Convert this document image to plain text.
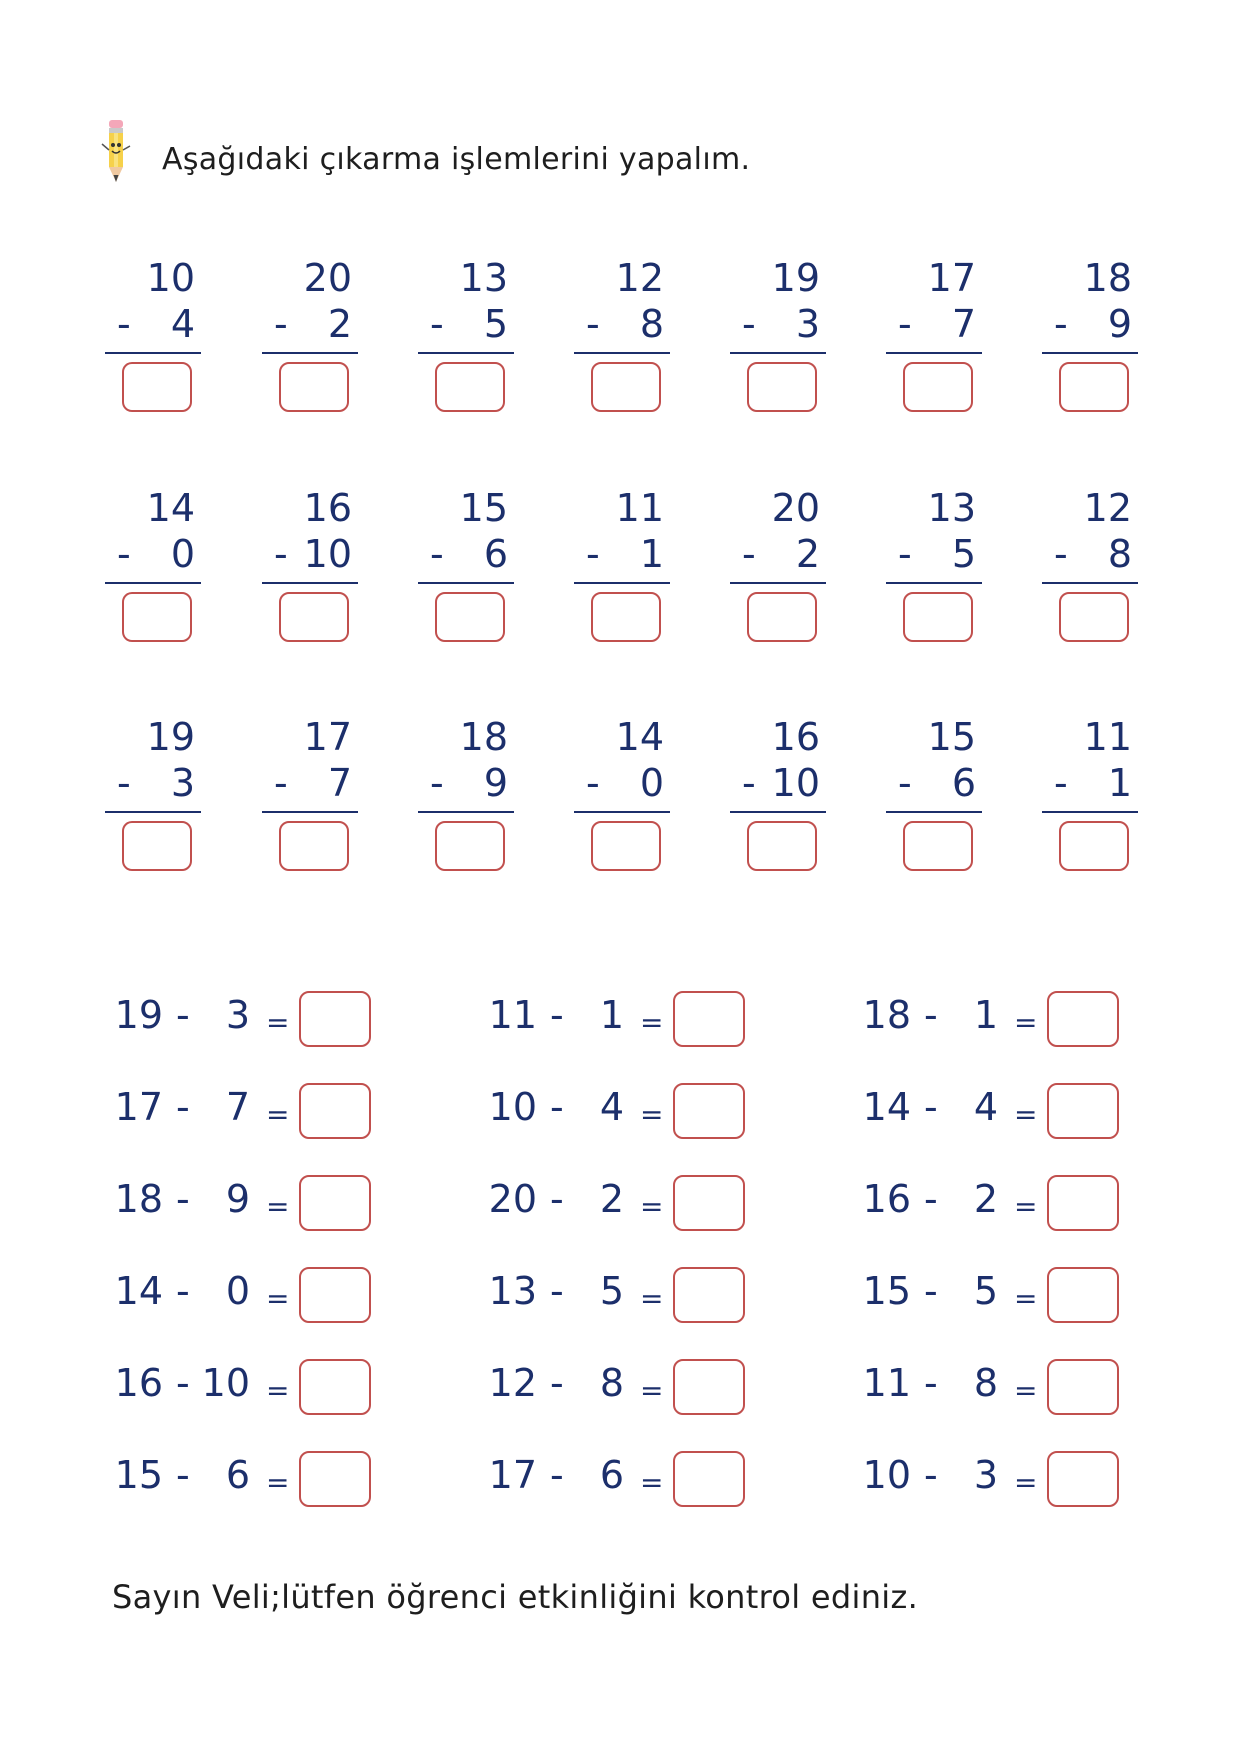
Aşağıdaki çıkarma işlemlerini yapalım.
10
- 4
20
- 2
13
- 5
12
- 8
19
- 3
17
- 7
18
- 9
14
- 0
16
- 10
15
- 6
11
- 1
20
- 2
13
- 5
12
- 8
19
- 3
17
- 7
18
- 9
14
- 0
16
- 10
15
- 6
11
- 1
19 - 3 =
17 - 7 =
18 - 9 =
14 - 0 =
16 - 10 =
15 - 6 =
11 - 1 =
10 - 4 =
20 - 2 =
13 - 5 =
12 - 8 =
17 - 6 =
18 - 1 =
14 - 4 =
16 - 2 =
15 - 5 =
11 - 8 =
10 - 3 =
Sayın Veli;lütfen öğrenci etkinliğini kontrol ediniz.
